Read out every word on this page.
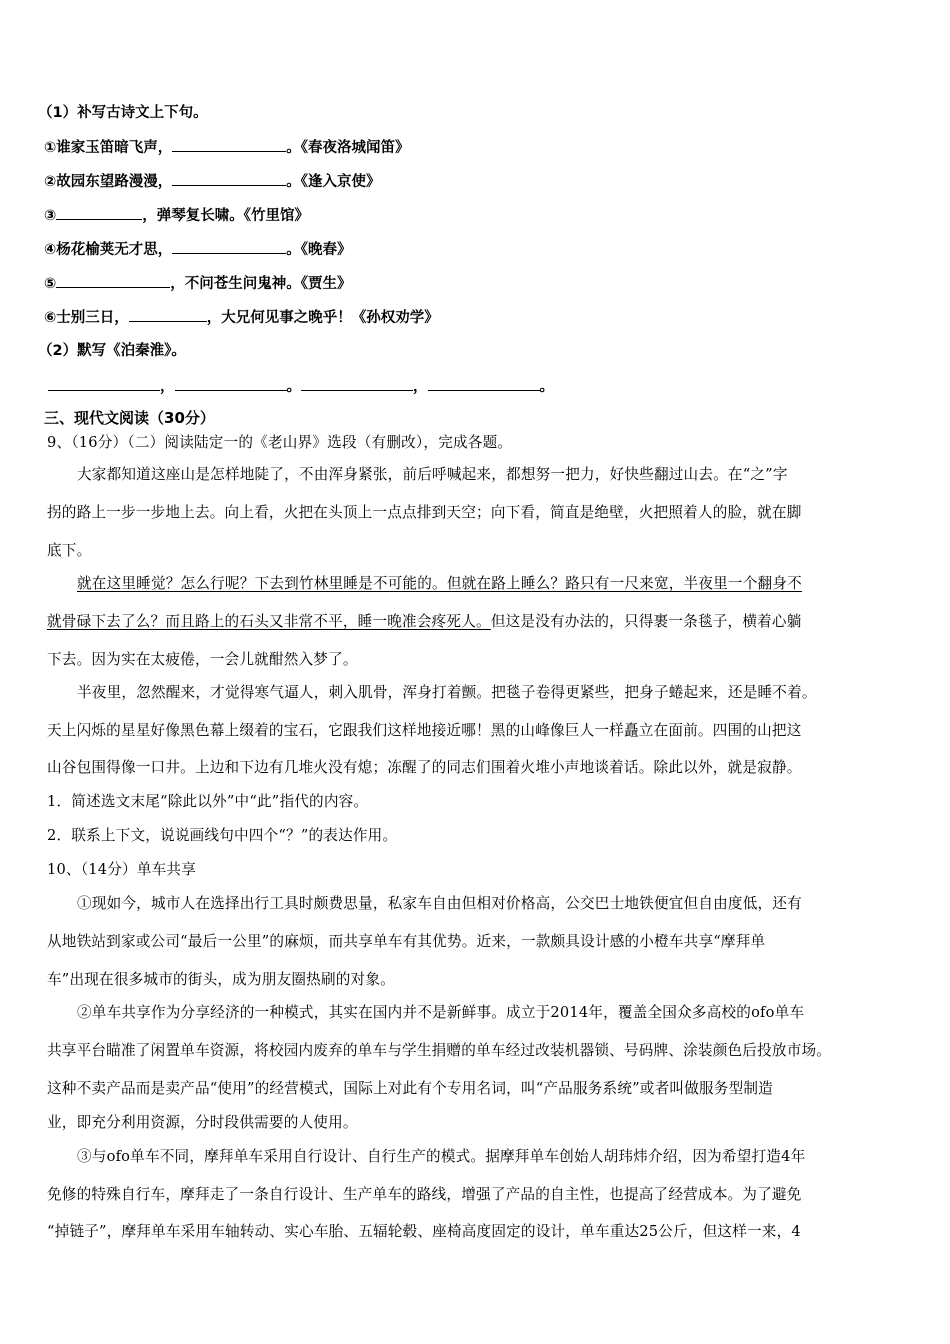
（1）补写古诗文上下句。
①谁家玉笛暗飞声，	。《春夜洛城闻笛》
②故园东望路漫漫，	。《逢入京使》
③	，弹琴复长啸。《竹里馆》
④杨花榆荚无才思，	。《晚春》
⑤	，不问苍生问鬼神。《贾生》
⑥士别三日，	，大兄何见事之晚乎！《孙权劝学》
（2）默写《泊秦淮》。
，	。	，	。
三、现代文阅读（30分）
9、（16分）（二）阅读陆定一的《老山界》选段（有删改），完成各题。
大家都知道这座山是怎样地陡了，不由浑身紧张，前后呼喊起来，都想努一把力，好快些翻过山去。在“之”字
拐的路上一步一步地上去。向上看，火把在头顶上一点点排到天空；向下看，简直是绝壁，火把照着人的脸，就在脚
底下。
就在这里睡觉？怎么行呢？下去到竹林里睡是不可能的。但就在路上睡么？路只有一尺来宽，半夜里一个翻身不
就骨碌下去了么？而且路上的石头又非常不平，睡一晚准会疼死人。但这是没有办法的，只得裹一条毯子，横着心躺
下去。因为实在太疲倦，一会儿就酣然入梦了。
半夜里，忽然醒来，才觉得寒气逼人，刺入肌骨，浑身打着颤。把毯子卷得更紧些，把身子蜷起来，还是睡不着。
天上闪烁的星星好像黑色幕上缀着的宝石，它跟我们这样地接近哪！黑的山峰像巨人一样矗立在面前。四围的山把这
山谷包围得像一口井。上边和下边有几堆火没有熄；冻醒了的同志们围着火堆小声地谈着话。除此以外，就是寂静。
1．简述选文末尾“除此以外”中“此”指代的内容。
2．联系上下文，说说画线句中四个“？”的表达作用。
10、（14分）单车共享
①现如今，城市人在选择出行工具时颇费思量，私家车自由但相对价格高，公交巴士地铁便宜但自由度低，还有
从地铁站到家或公司“最后一公里”的麻烦，而共享单车有其优势。近来，一款颇具设计感的小橙车共享“摩拜单
车”出现在很多城市的街头，成为朋友圈热刷的对象。
②单车共享作为分享经济的一种模式，其实在国内并不是新鲜事。成立于2014年，覆盖全国众多高校的ofo单车
共享平台瞄准了闲置单车资源，将校园内废弃的单车与学生捐赠的单车经过改装机器锁、号码牌、涂装颜色后投放市场。
这种不卖产品而是卖产品“使用”的经营模式，国际上对此有个专用名词，叫“产品服务系统”或者叫做服务型制造
业，即充分利用资源，分时段供需要的人使用。
③与ofo单车不同，摩拜单车采用自行设计、自行生产的模式。据摩拜单车创始人胡玮炜介绍，因为希望打造4年
免修的特殊自行车，摩拜走了一条自行设计、生产单车的路线，增强了产品的自主性，也提高了经营成本。为了避免
“掉链子”，摩拜单车采用车轴转动、实心车胎、五辐轮毂、座椅高度固定的设计，单车重达25公斤，但这样一来，4
